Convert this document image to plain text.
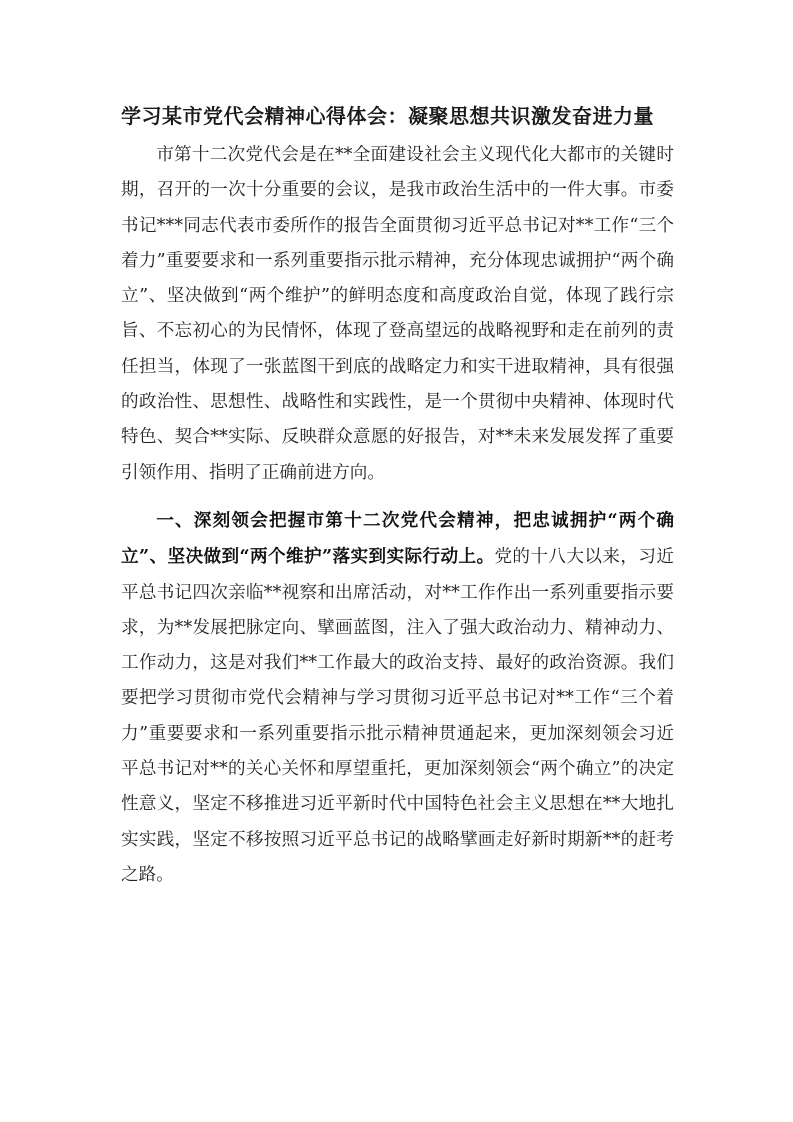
学习某市党代会精神心得体会：凝聚思想共识激发奋进力量

市第十二次党代会是在**全面建设社会主义现代化大都市的关键时期，召开的一次十分重要的会议，是我市政治生活中的一件大事。市委书记***同志代表市委所作的报告全面贯彻习近平总书记对**工作“三个着力”重要要求和一系列重要指示批示精神，充分体现忠诚拥护“两个确立”、坚决做到“两个维护”的鲜明态度和高度政治自觉，体现了践行宗旨、不忘初心的为民情怀，体现了登高望远的战略视野和走在前列的责任担当，体现了一张蓝图干到底的战略定力和实干进取精神，具有很强的政治性、思想性、战略性和实践性，是一个贯彻中央精神、体现时代特色、契合**实际、反映群众意愿的好报告，对**未来发展发挥了重要引领作用、指明了正确前进方向。

一、深刻领会把握市第十二次党代会精神，把忠诚拥护“两个确立”、坚决做到“两个维护”落实到实际行动上。党的十八大以来，习近平总书记四次亲临**视察和出席活动，对**工作作出一系列重要指示要求，为**发展把脉定向、擘画蓝图，注入了强大政治动力、精神动力、工作动力，这是对我们**工作最大的政治支持、最好的政治资源。我们要把学习贯彻市党代会精神与学习贯彻习近平总书记对**工作“三个着力”重要要求和一系列重要指示批示精神贯通起来，更加深刻领会习近平总书记对**的关心关怀和厚望重托，更加深刻领会“两个确立”的决定性意义，坚定不移推进习近平新时代中国特色社会主义思想在**大地扎实实践，坚定不移按照习近平总书记的战略擘画走好新时期新**的赶考之路。
